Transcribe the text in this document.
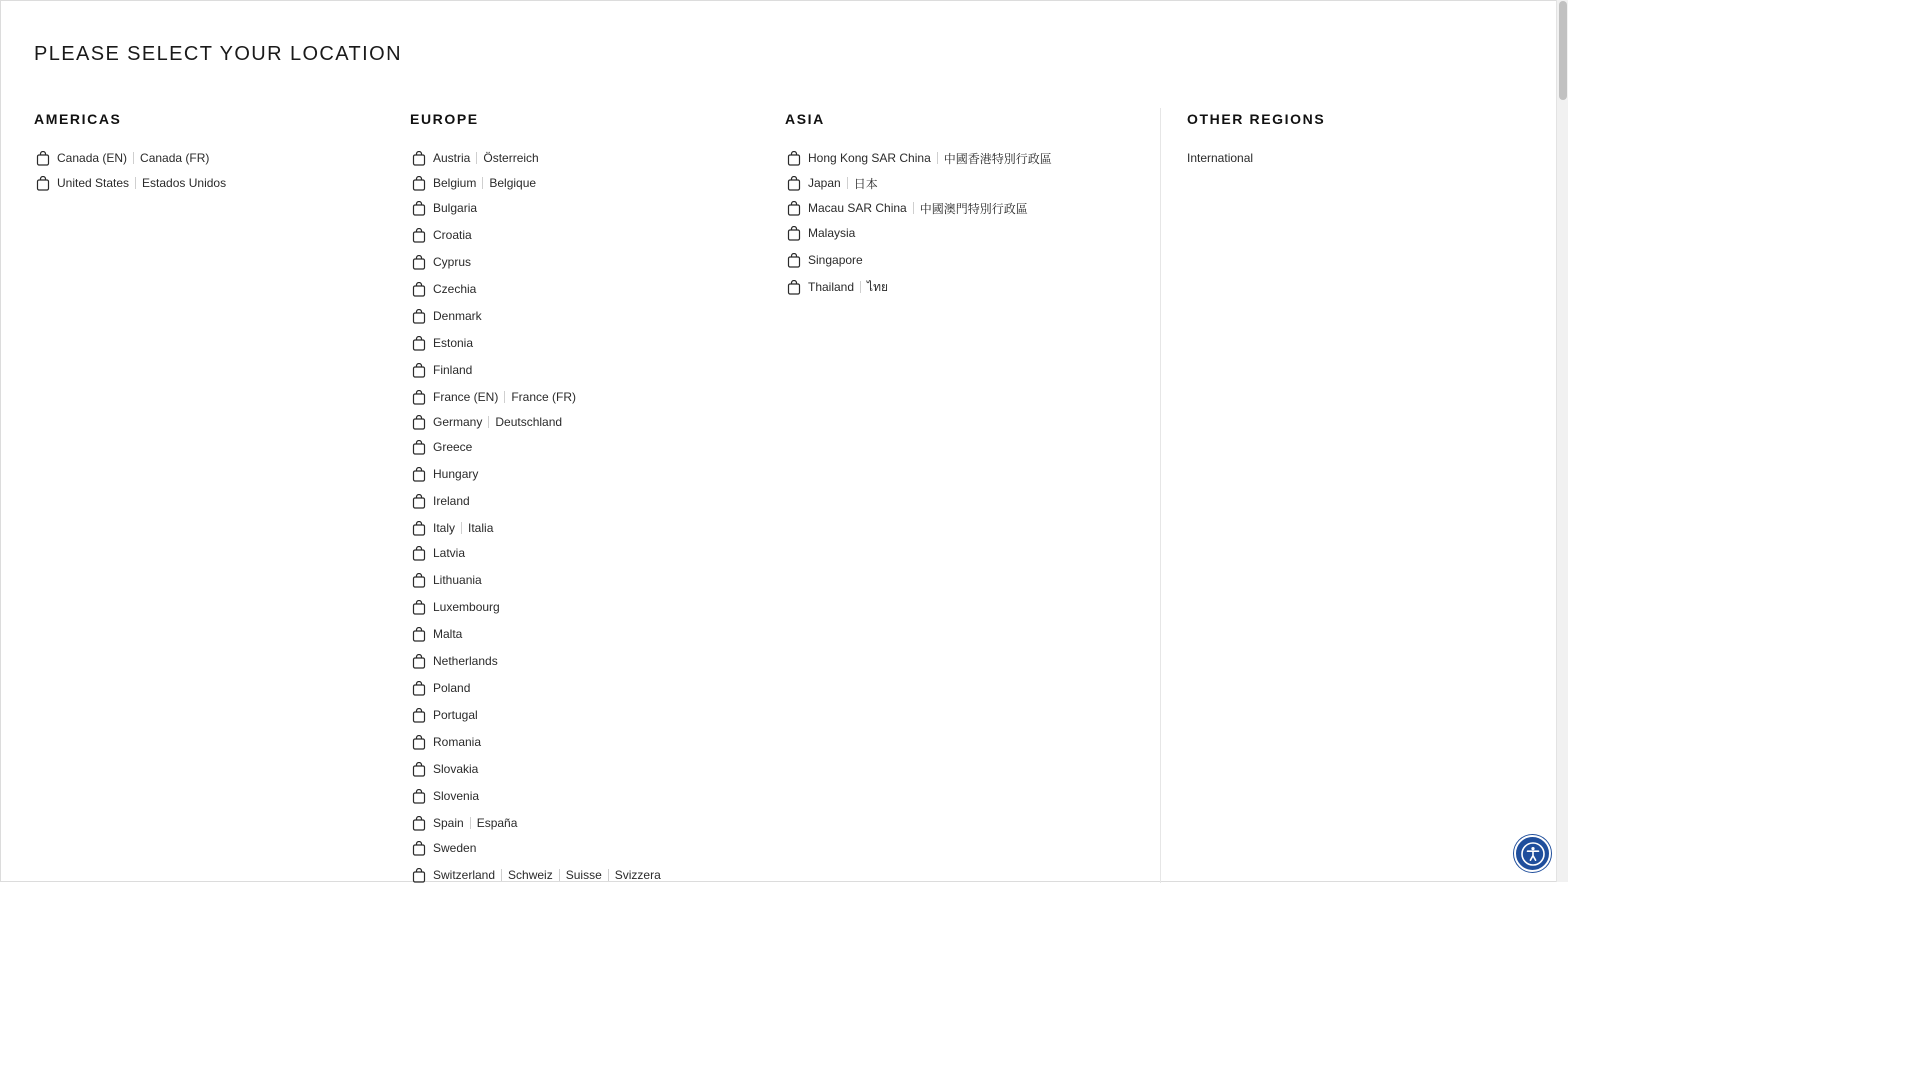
PLEASE SELECT YOUR LOCATION
AMERICAS
Canada (EN) Canada (FR)
United States Estados Unidos
EUROPE
Austria Österreich
Belgium Belgique
Bulgaria
Croatia
Cyprus
Czechia
Denmark
Estonia
Finland
France (EN) France (FR)
Germany Deutschland
Greece
Hungary
Ireland
Italy Italia
Latvia
Lithuania
Luxembourg
Malta
Netherlands
Poland
Portugal
Romania
Slovakia
Slovenia
Spain España
Sweden
Switzerland Schweiz Suisse Svizzera
ASIA
Hong Kong SAR China 中國香港特別行政區
Japan 日本
Macau SAR China 中國澳門特別行政區
Malaysia
Singapore
Thailand ไทย
OTHER REGIONS
International
